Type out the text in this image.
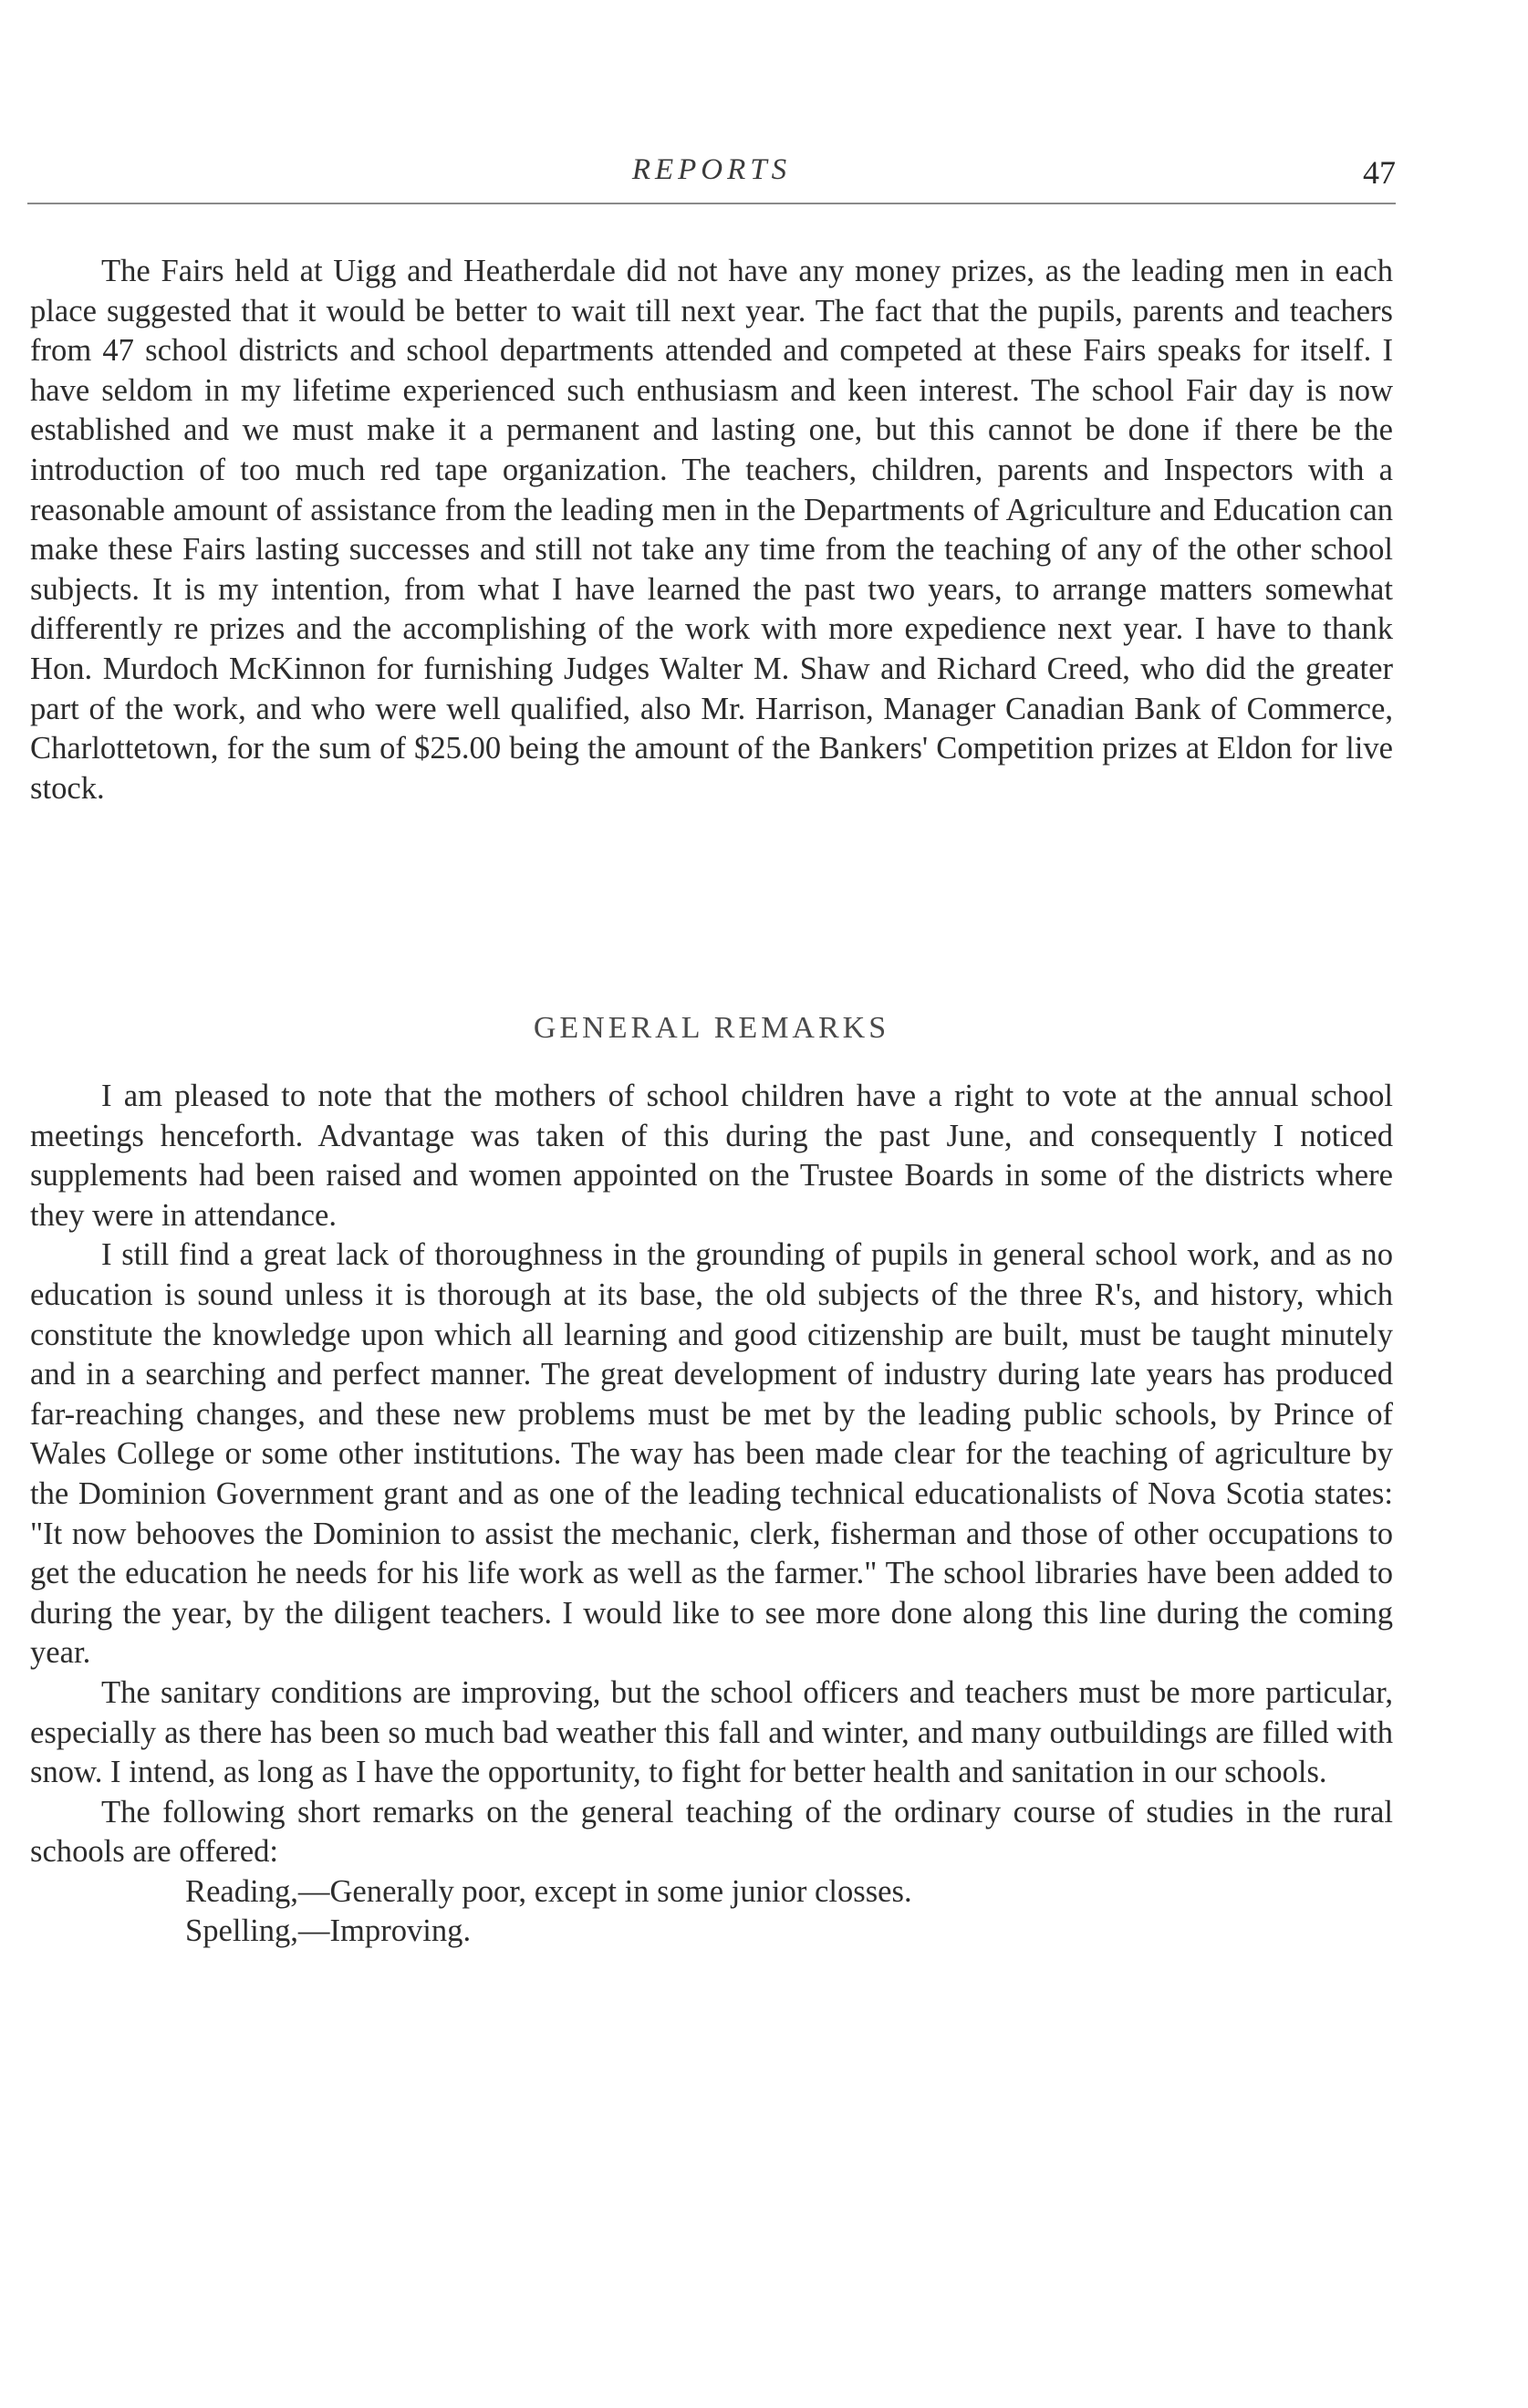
REPORTS	47

The Fairs held at Uigg and Heatherdale did not have any money prizes, as the leading men in each place suggested that it would be better to wait till next year. The fact that the pupils, parents and teachers from 47 school districts and school departments attended and competed at these Fairs speaks for itself. I have seldom in my lifetime experienced such enthusiasm and keen interest. The school Fair day is now established and we must make it a permanent and lasting one, but this cannot be done if there be the introduction of too much red tape organization. The teachers, children, parents and Inspectors with a reasonable amount of assistance from the leading men in the Departments of Agriculture and Education can make these Fairs lasting successes and still not take any time from the teaching of any of the other school subjects. It is my intention, from what I have learned the past two years, to arrange matters somewhat differently re prizes and the accomplishing of the work with more expedience next year. I have to thank Hon. Murdoch McKinnon for furnishing Judges Walter M. Shaw and Richard Creed, who did the greater part of the work, and who were well qualified, also Mr. Harrison, Manager Canadian Bank of Commerce, Charlottetown, for the sum of $25.00 being the amount of the Bankers' Competition prizes at Eldon for live stock.

GENERAL REMARKS

I am pleased to note that the mothers of school children have a right to vote at the annual school meetings henceforth. Advantage was taken of this during the past June, and consequently I noticed supplements had been raised and women appointed on the Trustee Boards in some of the districts where they were in attendance.

I still find a great lack of thoroughness in the grounding of pupils in general school work, and as no education is sound unless it is thorough at its base, the old subjects of the three R's, and history, which constitute the knowledge upon which all learning and good citizenship are built, must be taught minutely and in a searching and perfect manner. The great development of industry during late years has produced far-reaching changes, and these new problems must be met by the leading public schools, by Prince of Wales College or some other institutions. The way has been made clear for the teaching of agriculture by the Dominion Government grant and as one of the leading technical educationalists of Nova Scotia states: "It now behooves the Dominion to assist the mechanic, clerk, fisherman and those of other occupations to get the education he needs for his life work as well as the farmer." The school libraries have been added to during the year, by the diligent teachers. I would like to see more done along this line during the coming year.

The sanitary conditions are improving, but the school officers and teachers must be more particular, especially as there has been so much bad weather this fall and winter, and many outbuildings are filled with snow. I intend, as long as I have the opportunity, to fight for better health and sanitation in our schools.

The following short remarks on the general teaching of the ordinary course of studies in the rural schools are offered:

Reading,—Generally poor, except in some junior closses.

Spelling,—Improving.
